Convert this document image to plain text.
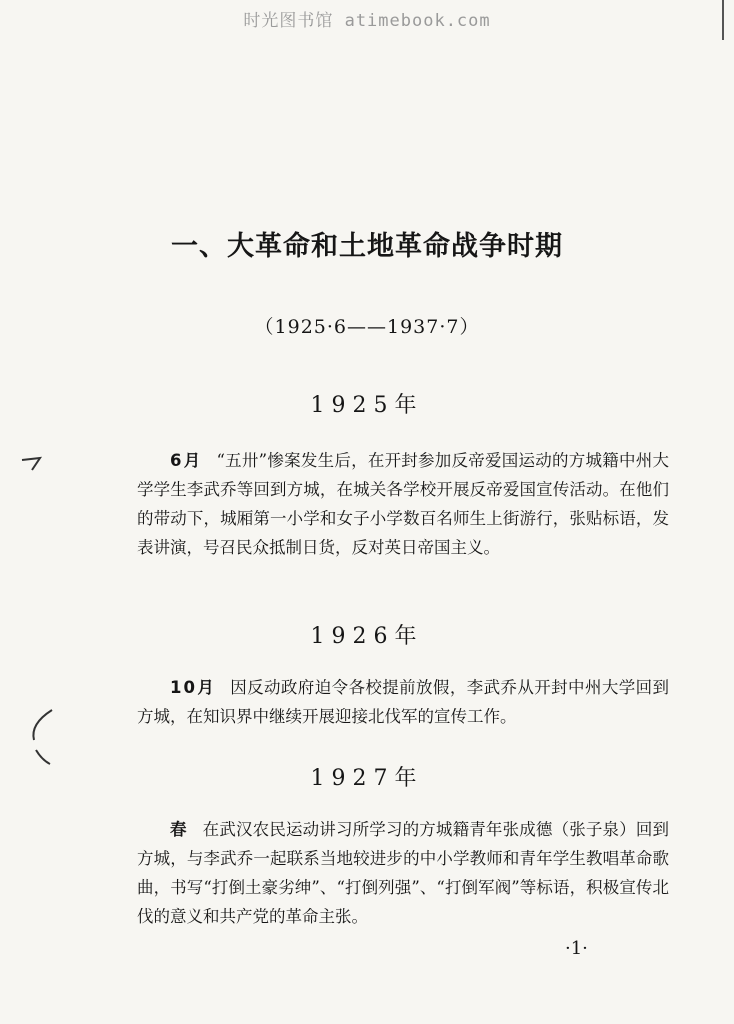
时光图书馆 atimebook.com
一、大革命和土地革命战争时期
（1925·6——1937·7）
1925年
6月 “五卅”惨案发生后，在开封参加反帝爱国运动的方城籍中州大学学生李武乔等回到方城，在城关各学校开展反帝爱国宣传活动。在他们的带动下，城厢第一小学和女子小学数百名师生上街游行，张贴标语，发表讲演，号召民众抵制日货，反对英日帝国主义。
1926年
10月 因反动政府迫令各校提前放假，李武乔从开封中州大学回到方城，在知识界中继续开展迎接北伐军的宣传工作。
1927年
春 在武汉农民运动讲习所学习的方城籍青年张成德（张子泉）回到方城，与李武乔一起联系当地较进步的中小学教师和青年学生教唱革命歌曲，书写“打倒土豪劣绅”、“打倒列强”、“打倒军阀”等标语，积极宣传北伐的意义和共产党的革命主张。
·1·
